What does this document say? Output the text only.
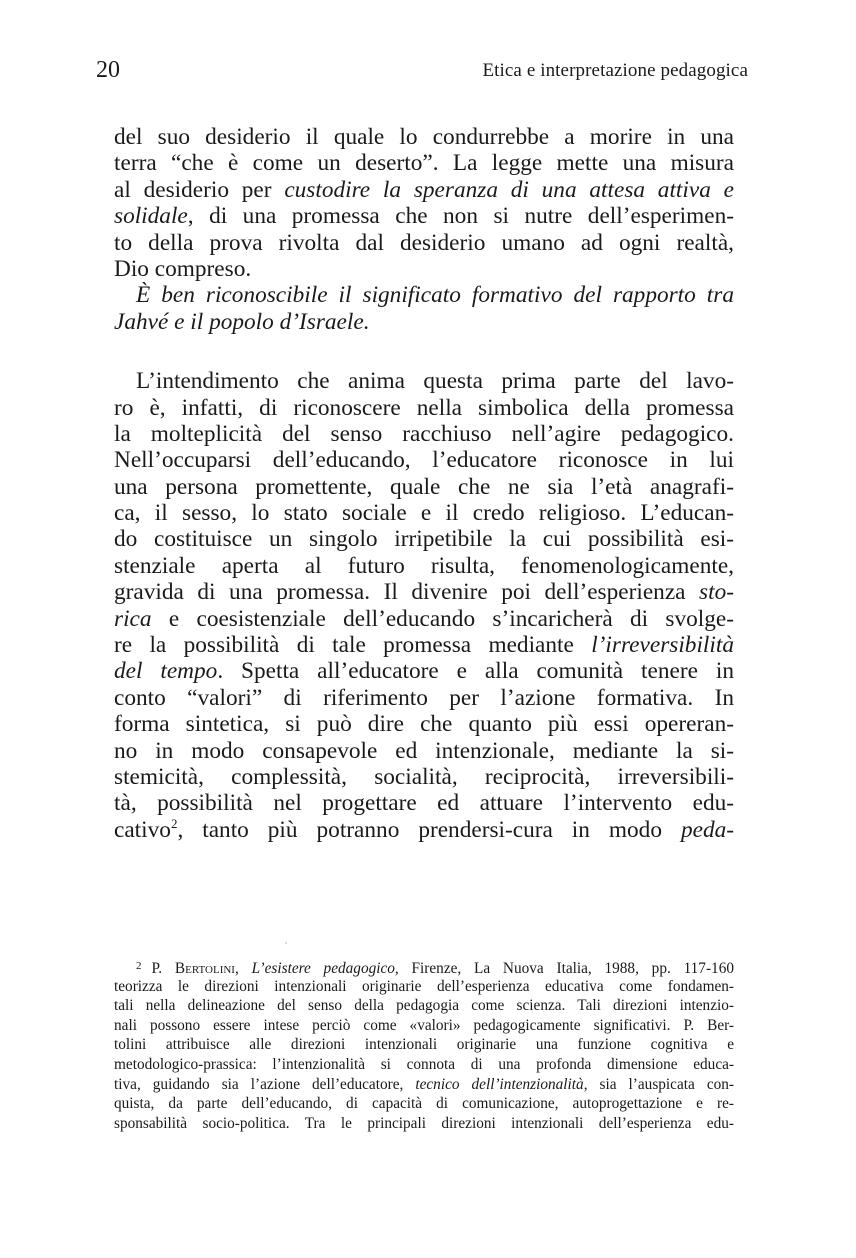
20	Etica e interpretazione pedagogica
del suo desiderio il quale lo condurrebbe a morire in una
terra “che è come un deserto”. La legge mette una misura
al desiderio per custodire la speranza di una attesa attiva e
solidale, di una promessa che non si nutre dell’esperimen-
to della prova rivolta dal desiderio umano ad ogni realtà,
Dio compreso.
È ben riconoscibile il significato formativo del rapporto tra
Jahvé e il popolo d’Israele.
L’intendimento che anima questa prima parte del lavo-
ro è, infatti, di riconoscere nella simbolica della promessa
la molteplicità del senso racchiuso nell’agire pedagogico.
Nell’occuparsi dell’educando, l’educatore riconosce in lui
una persona promettente, quale che ne sia l’età anagrafi-
ca, il sesso, lo stato sociale e il credo religioso. L’educan-
do costituisce un singolo irripetibile la cui possibilità esi-
stenziale aperta al futuro risulta, fenomenologicamente,
gravida di una promessa. Il divenire poi dell’esperienza sto-
rica e coesistenziale dell’educando s’incaricherà di svolge-
re la possibilità di tale promessa mediante l’irreversibilità
del tempo. Spetta all’educatore e alla comunità tenere in
conto “valori” di riferimento per l’azione formativa. In
forma sintetica, si può dire che quanto più essi opereran-
no in modo consapevole ed intenzionale, mediante la si-
stemicità, complessità, socialità, reciprocità, irreversibili-
tà, possibilità nel progettare ed attuare l’intervento edu-
cativo$^2$, tanto più potranno prendersi-cura in modo peda-
$^2$ P. Bertolini, L’esistere pedagogico, Firenze, La Nuova Italia, 1988, pp. 117-160
teorizza le direzioni intenzionali originarie dell’esperienza educativa come fondamen-
tali nella delineazione del senso della pedagogia come scienza. Tali direzioni intenzio-
nali possono essere intese perciò come «valori» pedagogicamente significativi. P. Ber-
tolini attribuisce alle direzioni intenzionali originarie una funzione cognitiva e
metodologico-prassica: l’intenzionalità si connota di una profonda dimensione educa-
tiva, guidando sia l’azione dell’educatore, tecnico dell’intenzionalità, sia l’auspicata con-
quista, da parte dell’educando, di capacità di comunicazione, autoprogettazione e re-
sponsabilità socio-politica. Tra le principali direzioni intenzionali dell’esperienza edu-
